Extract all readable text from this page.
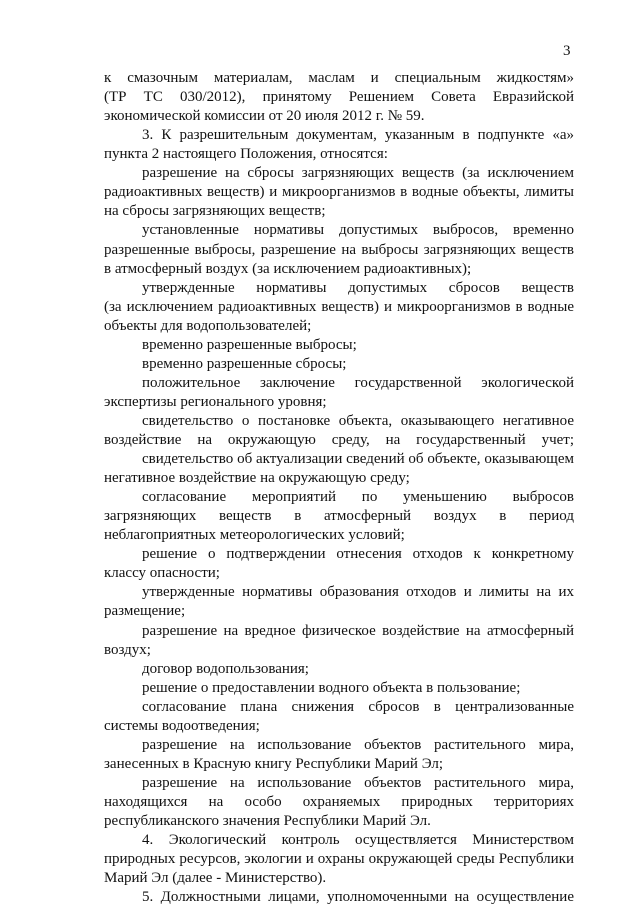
3
к смазочным материалам, маслам и специальным жидкостям»
(ТР ТС 030/2012), принятому Решением Совета Евразийской
экономической комиссии от 20 июля 2012 г. № 59.
3. К разрешительным документам, указанным в подпункте «а»
пункта 2 настоящего Положения, относятся:
разрешение на сбросы загрязняющих веществ (за исключением
радиоактивных веществ) и микроорганизмов в водные объекты, лимиты
на сбросы загрязняющих веществ;
установленные нормативы допустимых выбросов, временно
разрешенные выбросы, разрешение на выбросы загрязняющих веществ
в атмосферный воздух (за исключением радиоактивных);
утвержденные нормативы допустимых сбросов веществ
(за исключением радиоактивных веществ) и микроорганизмов в водные
объекты для водопользователей;
временно разрешенные выбросы;
временно разрешенные сбросы;
положительное заключение государственной экологической
экспертизы регионального уровня;
свидетельство о постановке объекта, оказывающего негативное
воздействие на окружающую среду, на государственный учет;
свидетельство об актуализации сведений об объекте, оказывающем
негативное воздействие на окружающую среду;
согласование мероприятий по уменьшению выбросов
загрязняющих веществ в атмосферный воздух в период
неблагоприятных метеорологических условий;
решение о подтверждении отнесения отходов к конкретному
классу опасности;
утвержденные нормативы образования отходов и лимиты на их
размещение;
разрешение на вредное физическое воздействие на атмосферный
воздух;
договор водопользования;
решение о предоставлении водного объекта в пользование;
согласование плана снижения сбросов в централизованные
системы водоотведения;
разрешение на использование объектов растительного мира,
занесенных в Красную книгу Республики Марий Эл;
разрешение на использование объектов растительного мира,
находящихся на особо охраняемых природных территориях
республиканского значения Республики Марий Эл.
4. Экологический контроль осуществляется Министерством
природных ресурсов, экологии и охраны окружающей среды Республики
Марий Эл (далее - Министерство).
5. Должностными лицами, уполномоченными на осуществление
